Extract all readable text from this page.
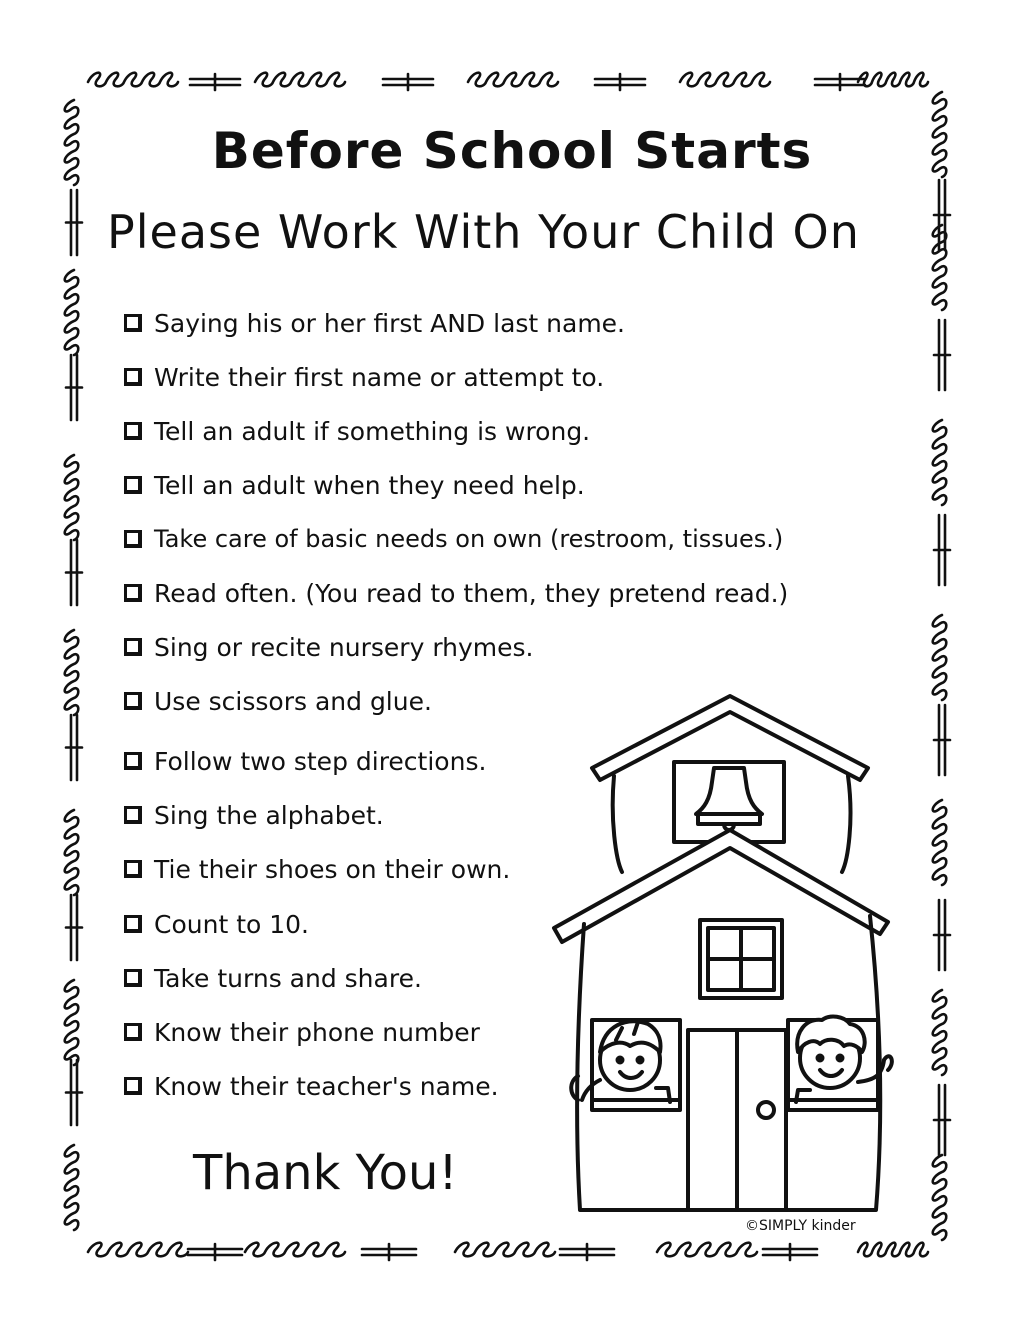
Before School Starts
Please Work With Your Child On
Saying his or her first AND last name.
Write their first name or attempt to.
Tell an adult if something is wrong.
Tell an adult when they need help.
Take care of basic needs on own (restroom, tissues.)
Read often. (You read to them, they pretend read.)
Sing or recite nursery rhymes.
Use scissors and glue.
Follow two step directions.
Sing the alphabet.
Tie their shoes on their own.
Count to 10.
Take turns and share.
Know their phone number
Know their teacher's name.

Thank You!

©SIMPLY kinder
